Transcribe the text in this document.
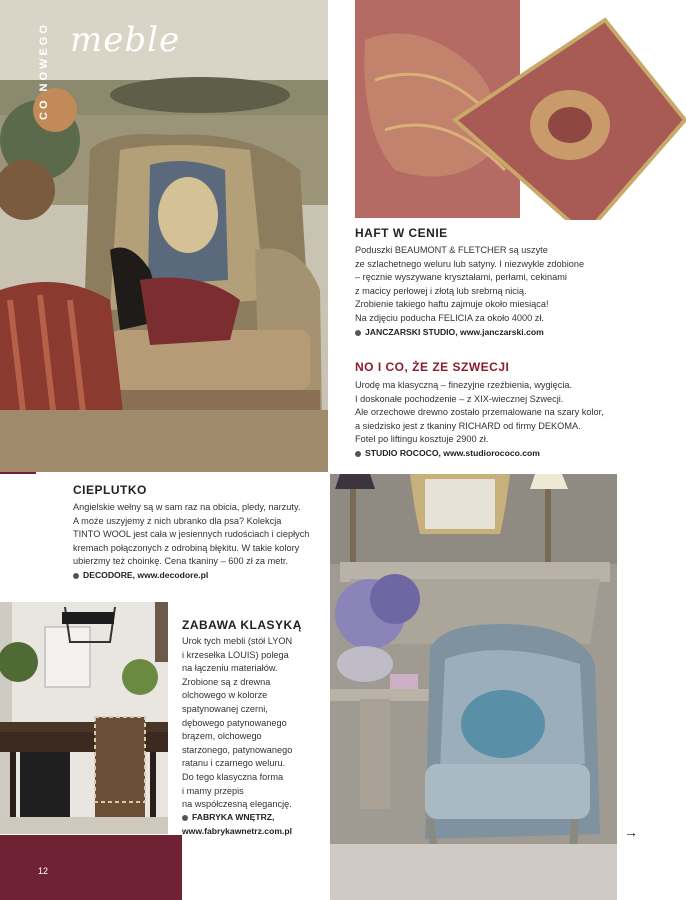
meble
CO NOWEGO
HAFT W CENIE
Poduszki BEAUMONT & FLETCHER są uszyte
ze szlachetnego weluru lub satyny. I niezwykle zdobione
– ręcznie wyszywane kryształami, perłami, cekinami
z macicy perłowej i złotą lub srebrną nicią.
Zrobienie takiego haftu zajmuje około miesiąca!
Na zdjęciu poducha FELICIA za około 4000 zł.
JANCZARSKI STUDIO, www.janczarski.com
NO I CO, ŻE ZE SZWECJI
Urodę ma klasyczną – finezyjne rzeźbienia, wygięcia.
I doskonałe pochodzenie – z XIX-wiecznej Szwecji.
Ale orzechowe drewno zostało przemalowane na szary kolor,
a siedzisko jest z tkaniny RICHARD od firmy DEKOMA.
Fotel po liftingu kosztuje 2900 zł.
STUDIO ROCOCO, www.studiorococo.com
CIEPLUTKO
Angielskie wełny są w sam raz na obicia, pledy, narzuty.
A może uszyjemy z nich ubranko dla psa? Kolekcja
TINTO WOOL jest cała w jesiennych rudościach i ciepłych
kremach połączonych z odrobiną błękitu. W takie kolory
ubierzmy też choinkę. Cena tkaniny – 600 zł za metr.
DECODORE, www.decodore.pl
ZABAWA KLASYKĄ
Urok tych mebli (stół LYON
i krzesełka LOUIS) polega
na łączeniu materiałów.
Zrobione są z drewna
olchowego w kolorze
spatynowanej czerni,
dębowego patynowanego
brązem, olchowego
starzonego, patynowanego
ratanu i czarnego weluru.
Do tego klasyczna forma
i mamy przepis
na współczesną elegancję.
FABRYKA WNĘTRZ,
www.fabrykawnetrz.com.pl
12
→
